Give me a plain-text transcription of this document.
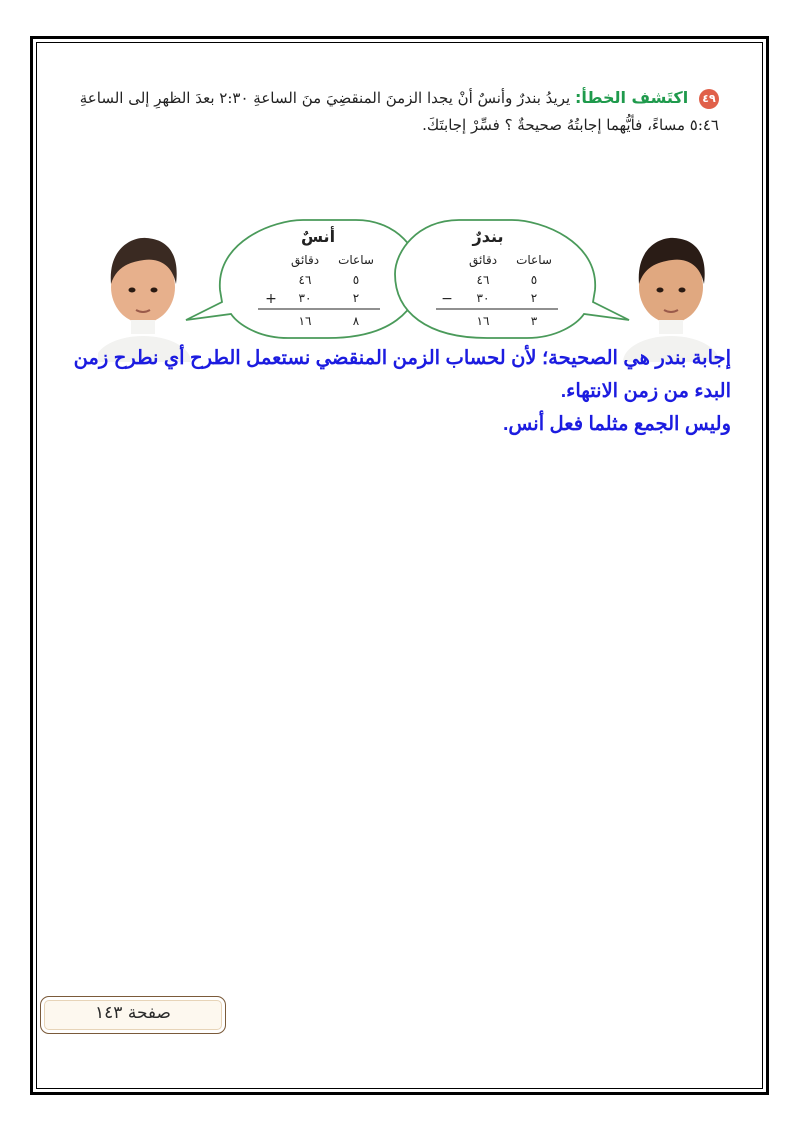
٤٩ اكتَشف الخطأ: يريدُ بندرٌ وأنسٌ أنْ يجدا الزمنَ المنقضِيَ منَ الساعةِ ٢:٣٠ بعدَ الظهرِ إلى الساعةِ ٥:٤٦ مساءً، فأيُّهما إجابتُهُ صحيحةٌ ؟ فسِّرْ إجابتَكَ.
أنسٌ
دقائق ساعات
٤٦	٥
٣٠	٢
+
١٦	٨
بندرٌ
دقائق ساعات
٤٦	٥
٣٠	٢
−
١٦	٣

إجابة بندر هي الصحيحة؛ لأن لحساب الزمن المنقضي نستعمل الطرح أي نطرح زمن

البدء من زمن الانتهاء.

وليس الجمع مثلما فعل أنس.

صفحة ١٤٣
